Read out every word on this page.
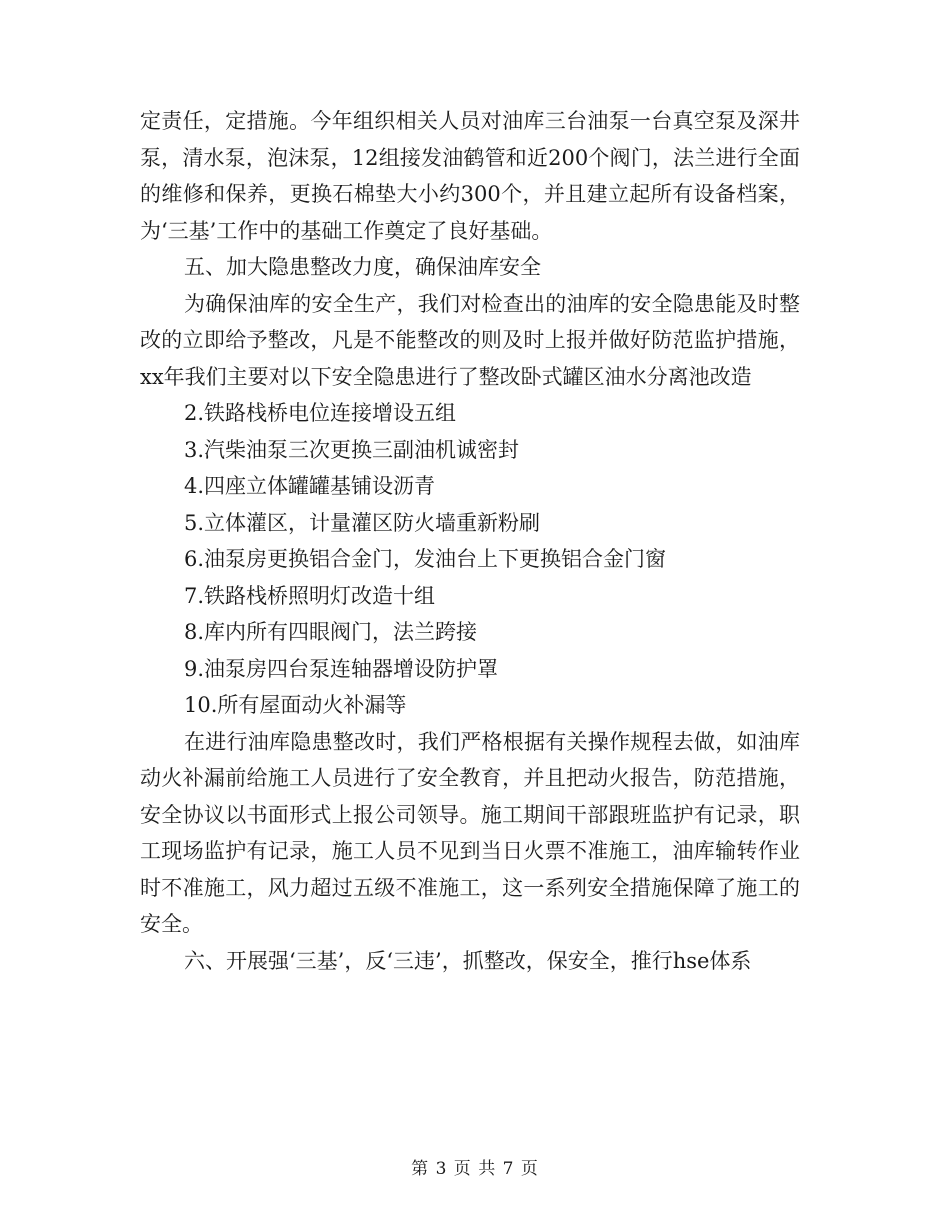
定责任，定措施。今年组织相关人员对油库三台油泵一台真空泵及深井泵，清水泵，泡沫泵，12组接发油鹤管和近200个阀门，法兰进行全面的维修和保养，更换石棉垫大小约300个，并且建立起所有设备档案，为‘三基’工作中的基础工作奠定了良好基础。

五、加大隐患整改力度，确保油库安全

为确保油库的安全生产，我们对检查出的油库的安全隐患能及时整改的立即给予整改，凡是不能整改的则及时上报并做好防范监护措施，xx年我们主要对以下安全隐患进行了整改卧式罐区油水分离池改造

2.铁路栈桥电位连接增设五组

3.汽柴油泵三次更换三副油机诚密封

4.四座立体罐罐基铺设沥青

5.立体灌区，计量灌区防火墙重新粉刷

6.油泵房更换铝合金门，发油台上下更换铝合金门窗

7.铁路栈桥照明灯改造十组

8.库内所有四眼阀门，法兰跨接

9.油泵房四台泵连轴器增设防护罩

10.所有屋面动火补漏等

在进行油库隐患整改时，我们严格根据有关操作规程去做，如油库动火补漏前给施工人员进行了安全教育，并且把动火报告，防范措施，安全协议以书面形式上报公司领导。施工期间干部跟班监护有记录，职工现场监护有记录，施工人员不见到当日火票不准施工，油库输转作业时不准施工，风力超过五级不准施工，这一系列安全措施保障了施工的安全。

六、开展强‘三基’，反‘三违’，抓整改，保安全，推行hse体系

第 3 页 共 7 页
